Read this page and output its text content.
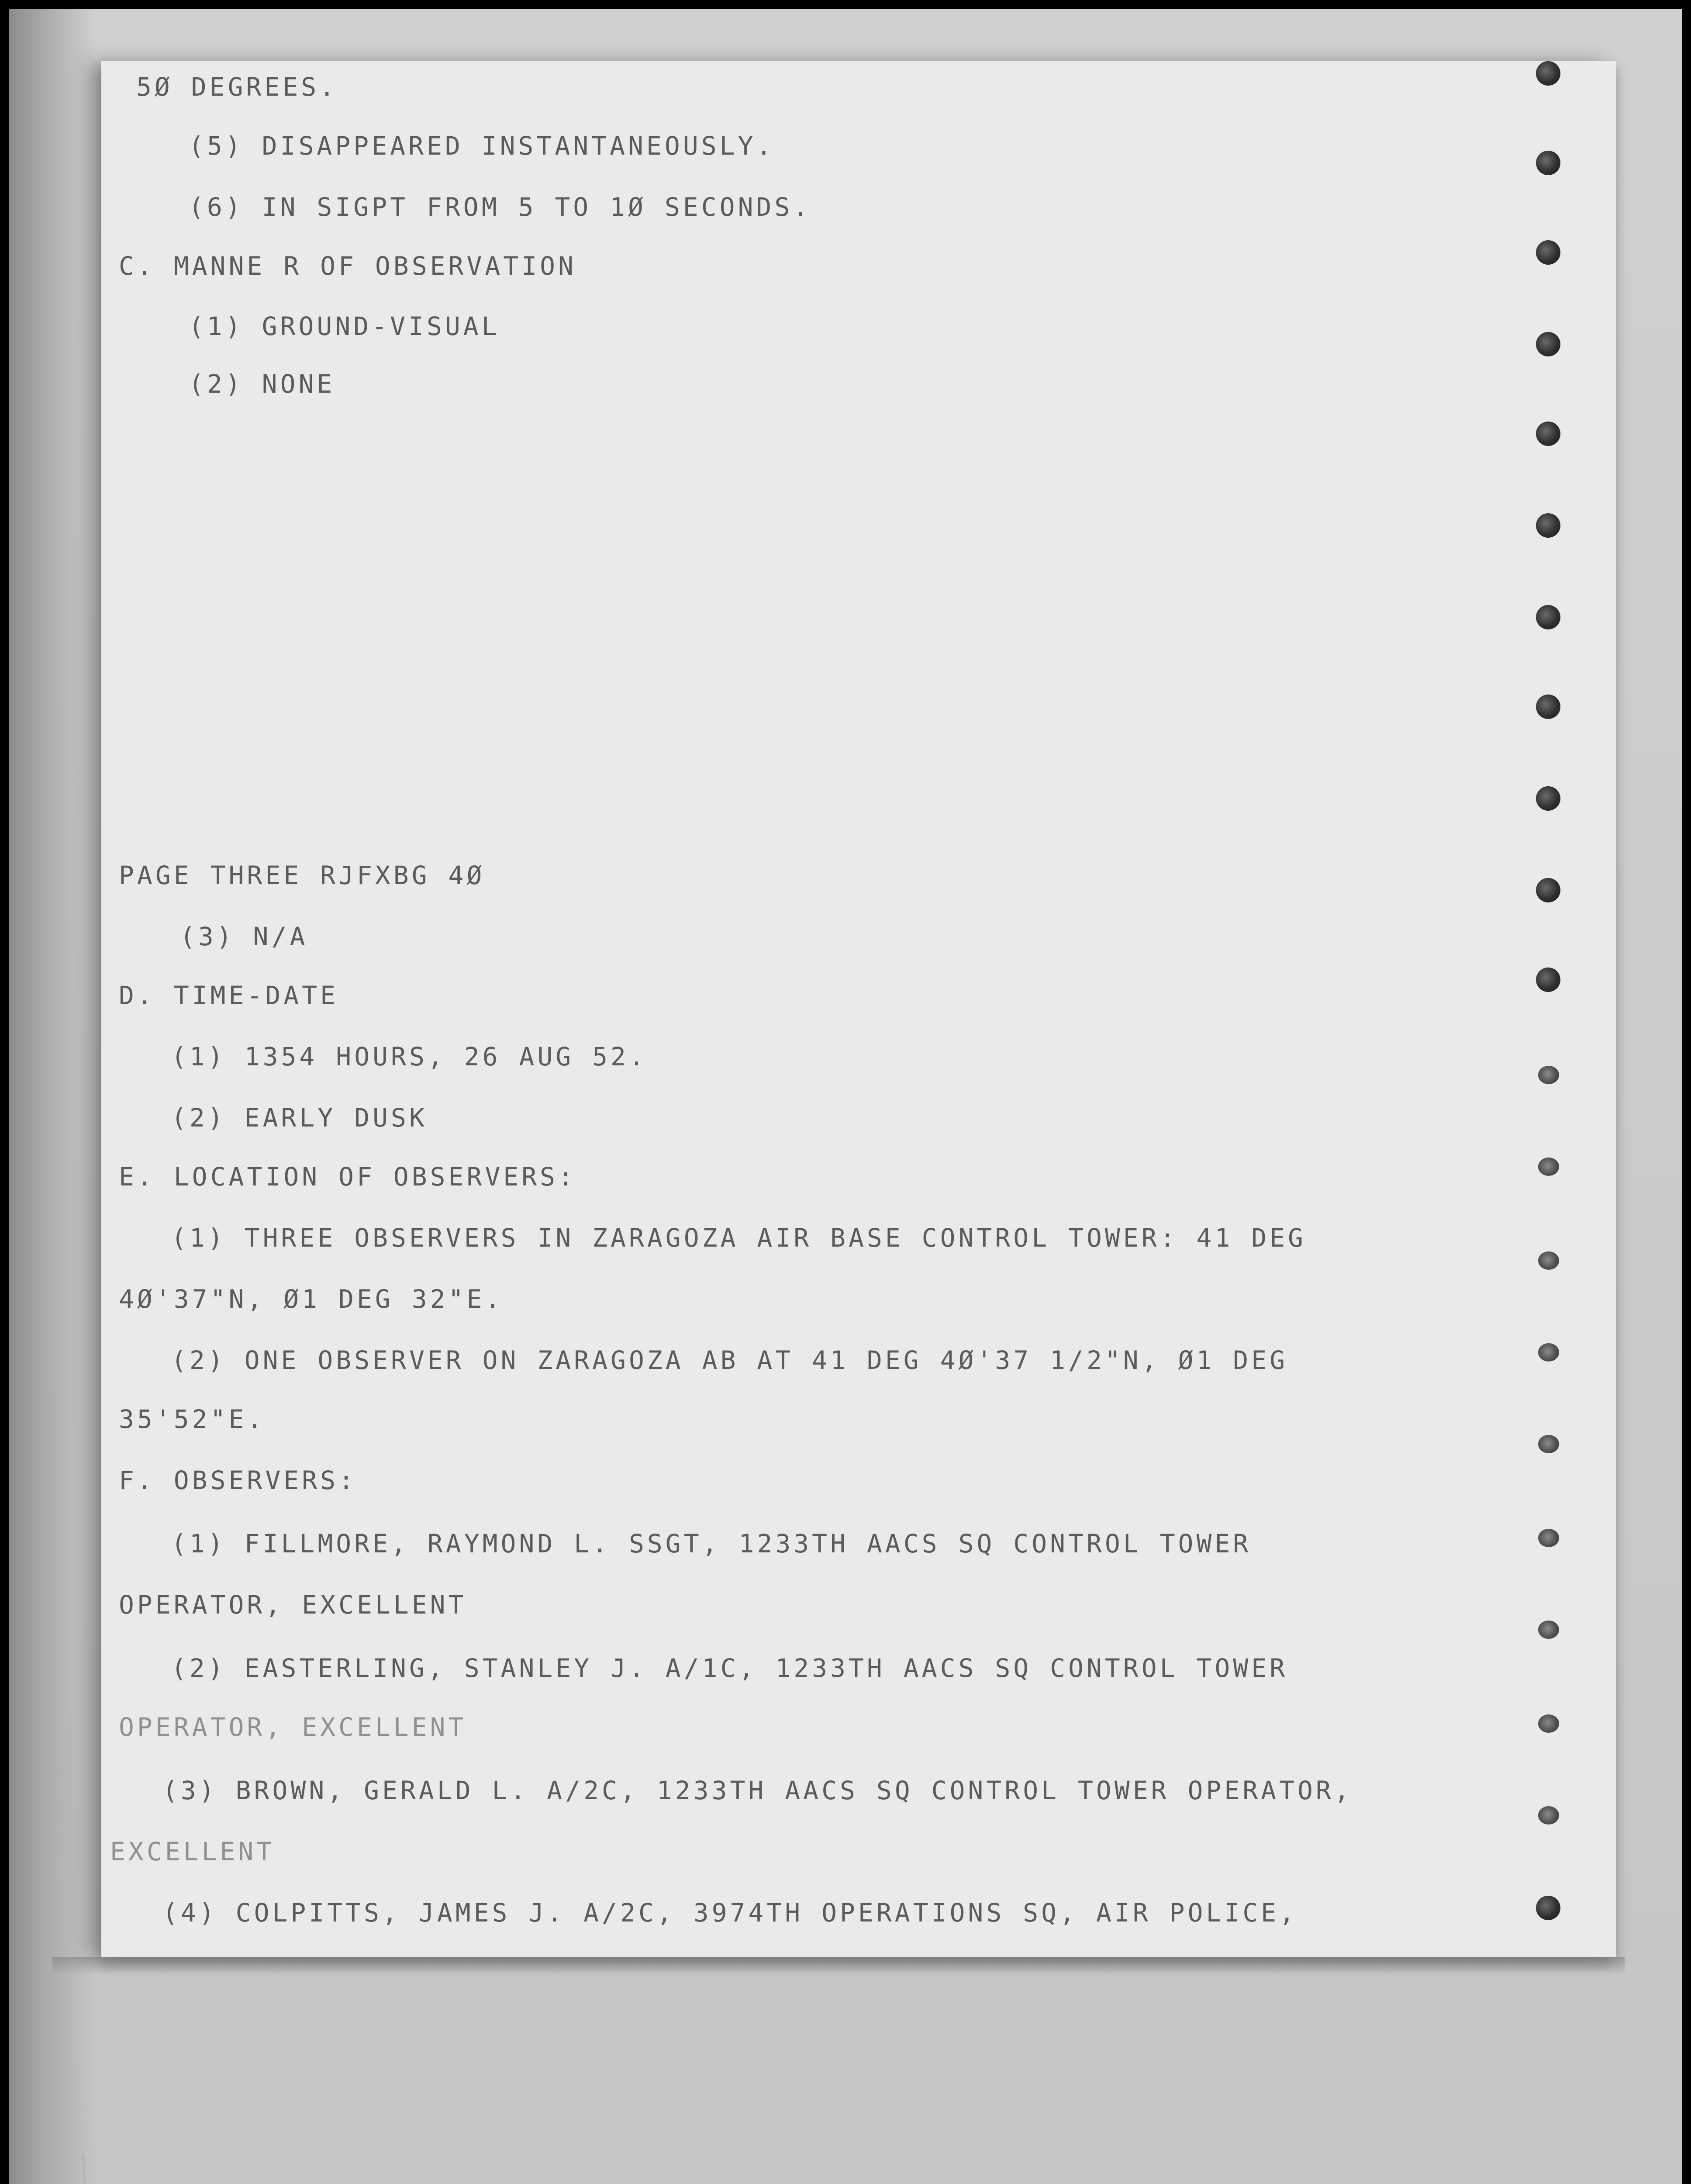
5Ø DEGREES.
(5) DISAPPEARED INSTANTANEOUSLY.
(6) IN SIGPT FROM 5 TO 1Ø SECONDS.
C. MANNE R OF OBSERVATION
(1) GROUND-VISUAL
(2) NONE
PAGE THREE RJFXBG 4Ø
(3) N/A
D. TIME-DATE
(1) 1354 HOURS, 26 AUG 52.
(2) EARLY DUSK
E. LOCATION OF OBSERVERS:
(1) THREE OBSERVERS IN ZARAGOZA AIR BASE CONTROL TOWER: 41 DEG
4Ø'37"N, Ø1 DEG 32"E.
(2) ONE OBSERVER ON ZARAGOZA AB AT 41 DEG 4Ø'37 1/2"N, Ø1 DEG
35'52"E.
F. OBSERVERS:
(1) FILLMORE, RAYMOND L. SSGT, 1233TH AACS SQ CONTROL TOWER
OPERATOR, EXCELLENT
(2) EASTERLING, STANLEY J. A/1C, 1233TH AACS SQ CONTROL TOWER
OPERATOR, EXCELLENT
(3) BROWN, GERALD L. A/2C, 1233TH AACS SQ CONTROL TOWER OPERATOR,
EXCELLENT
(4) COLPITTS, JAMES J. A/2C, 3974TH OPERATIONS SQ, AIR POLICE,
